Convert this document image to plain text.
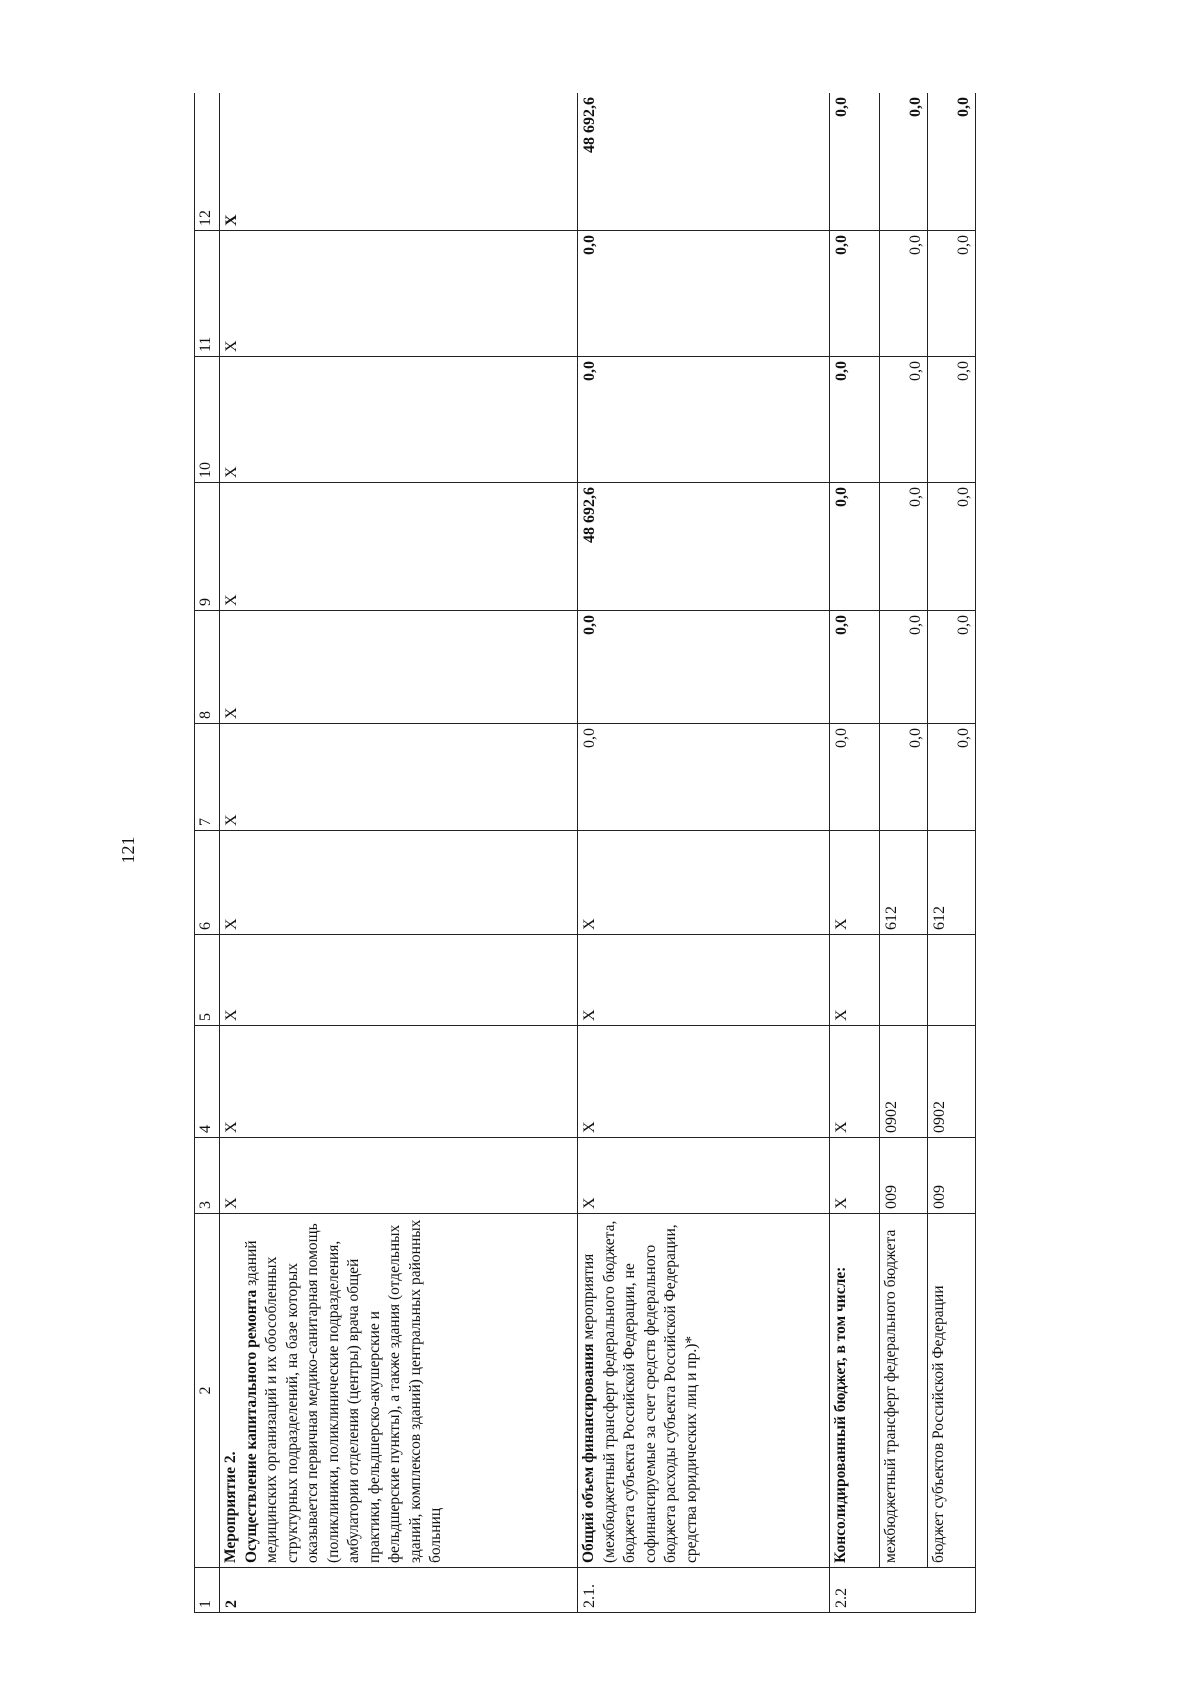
121
1	2	3	4	5	6	7	8	9	10	11	12
2	Мероприятие 2. Осуществление капитального ремонта зданий медицинских организаций и их обособленных структурных подразделений, на базе которых оказывается первичная медико-санитарная помощь (поликлиники, поликлинические подразделения, амбулатории отделения (центры) врача общей практики, фельдшерско-акушерские и фельдшерские пункты), а также здания (отдельных зданий, комплексов зданий) центральных районных больниц	Х	Х	Х	Х	Х	Х	Х	Х	Х	Х
2.1.	Общий объем финансирования мероприятия (межбюджетный трансферт федерального бюджета, бюджета субъекта Российской Федерации, не софинансируемые за счет средств федерального бюджета расходы субъекта Российской Федерации, средства юридических лиц и пр.)*	Х	Х	Х	Х	0,0	0,0	48 692,6	0,0	0,0	48 692,6
2.2	Консолидированный бюджет, в том числе:	Х	Х	Х	Х	0,0	0,0	0,0	0,0	0,0	0,0
	межбюджетный трансферт федерального бюджета	009	0902		612	0,0	0,0	0,0	0,0	0,0	0,0
	бюджет субъектов Российской Федерации	009	0902		612	0,0	0,0	0,0	0,0	0,0	0,0
